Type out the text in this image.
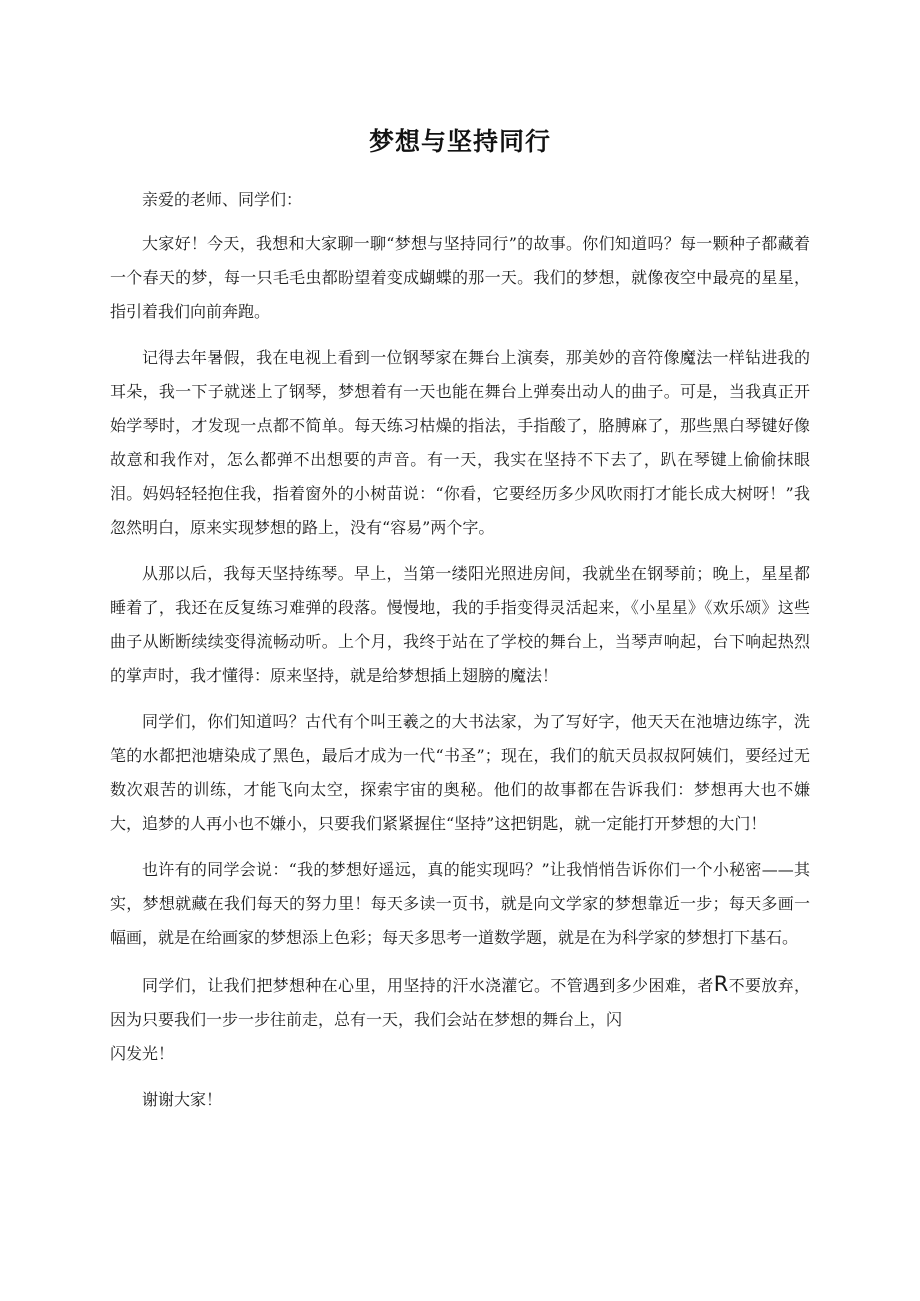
梦想与坚持同行

亲爱的老师、同学们：

大家好！今天，我想和大家聊一聊“梦想与坚持同行”的故事。你们知道吗？每一颗种子都藏着一个春天的梦，每一只毛毛虫都盼望着变成蝴蝶的那一天。我们的梦想，就像夜空中最亮的星星，指引着我们向前奔跑。

记得去年暑假，我在电视上看到一位钢琴家在舞台上演奏，那美妙的音符像魔法一样钻进我的耳朵，我一下子就迷上了钢琴，梦想着有一天也能在舞台上弹奏出动人的曲子。可是，当我真正开始学琴时，才发现一点都不简单。每天练习枯燥的指法，手指酸了，胳膊麻了，那些黑白琴键好像故意和我作对，怎么都弹不出想要的声音。有一天，我实在坚持不下去了，趴在琴键上偷偷抹眼泪。妈妈轻轻抱住我，指着窗外的小树苗说：“你看，它要经历多少风吹雨打才能长成大树呀！”我忽然明白，原来实现梦想的路上，没有“容易”两个字。

从那以后，我每天坚持练琴。早上，当第一缕阳光照进房间，我就坐在钢琴前；晚上，星星都睡着了，我还在反复练习难弹的段落。慢慢地，我的手指变得灵活起来，《小星星》《欢乐颂》这些曲子从断断续续变得流畅动听。上个月，我终于站在了学校的舞台上，当琴声响起，台下响起热烈的掌声时，我才懂得：原来坚持，就是给梦想插上翅膀的魔法！

同学们，你们知道吗？古代有个叫王羲之的大书法家，为了写好字，他天天在池塘边练字，洗笔的水都把池塘染成了黑色，最后才成为一代“书圣”；现在，我们的航天员叔叔阿姨们，要经过无数次艰苦的训练，才能飞向太空，探索宇宙的奥秘。他们的故事都在告诉我们：梦想再大也不嫌大，追梦的人再小也不嫌小，只要我们紧紧握住“坚持”这把钥匙，就一定能打开梦想的大门！

也许有的同学会说：“我的梦想好遥远，真的能实现吗？”让我悄悄告诉你们一个小秘密——其实，梦想就藏在我们每天的努力里！每天多读一页书，就是向文学家的梦想靠近一步；每天多画一幅画，就是在给画家的梦想添上色彩；每天多思考一道数学题，就是在为科学家的梦想打下基石。

同学们，让我们把梦想种在心里，用坚持的汗水浇灌它。不管遇到多少困难，者R不要放弃，因为只要我们一步一步往前走，总有一天，我们会站在梦想的舞台上，闪

闪发光！

谢谢大家！
